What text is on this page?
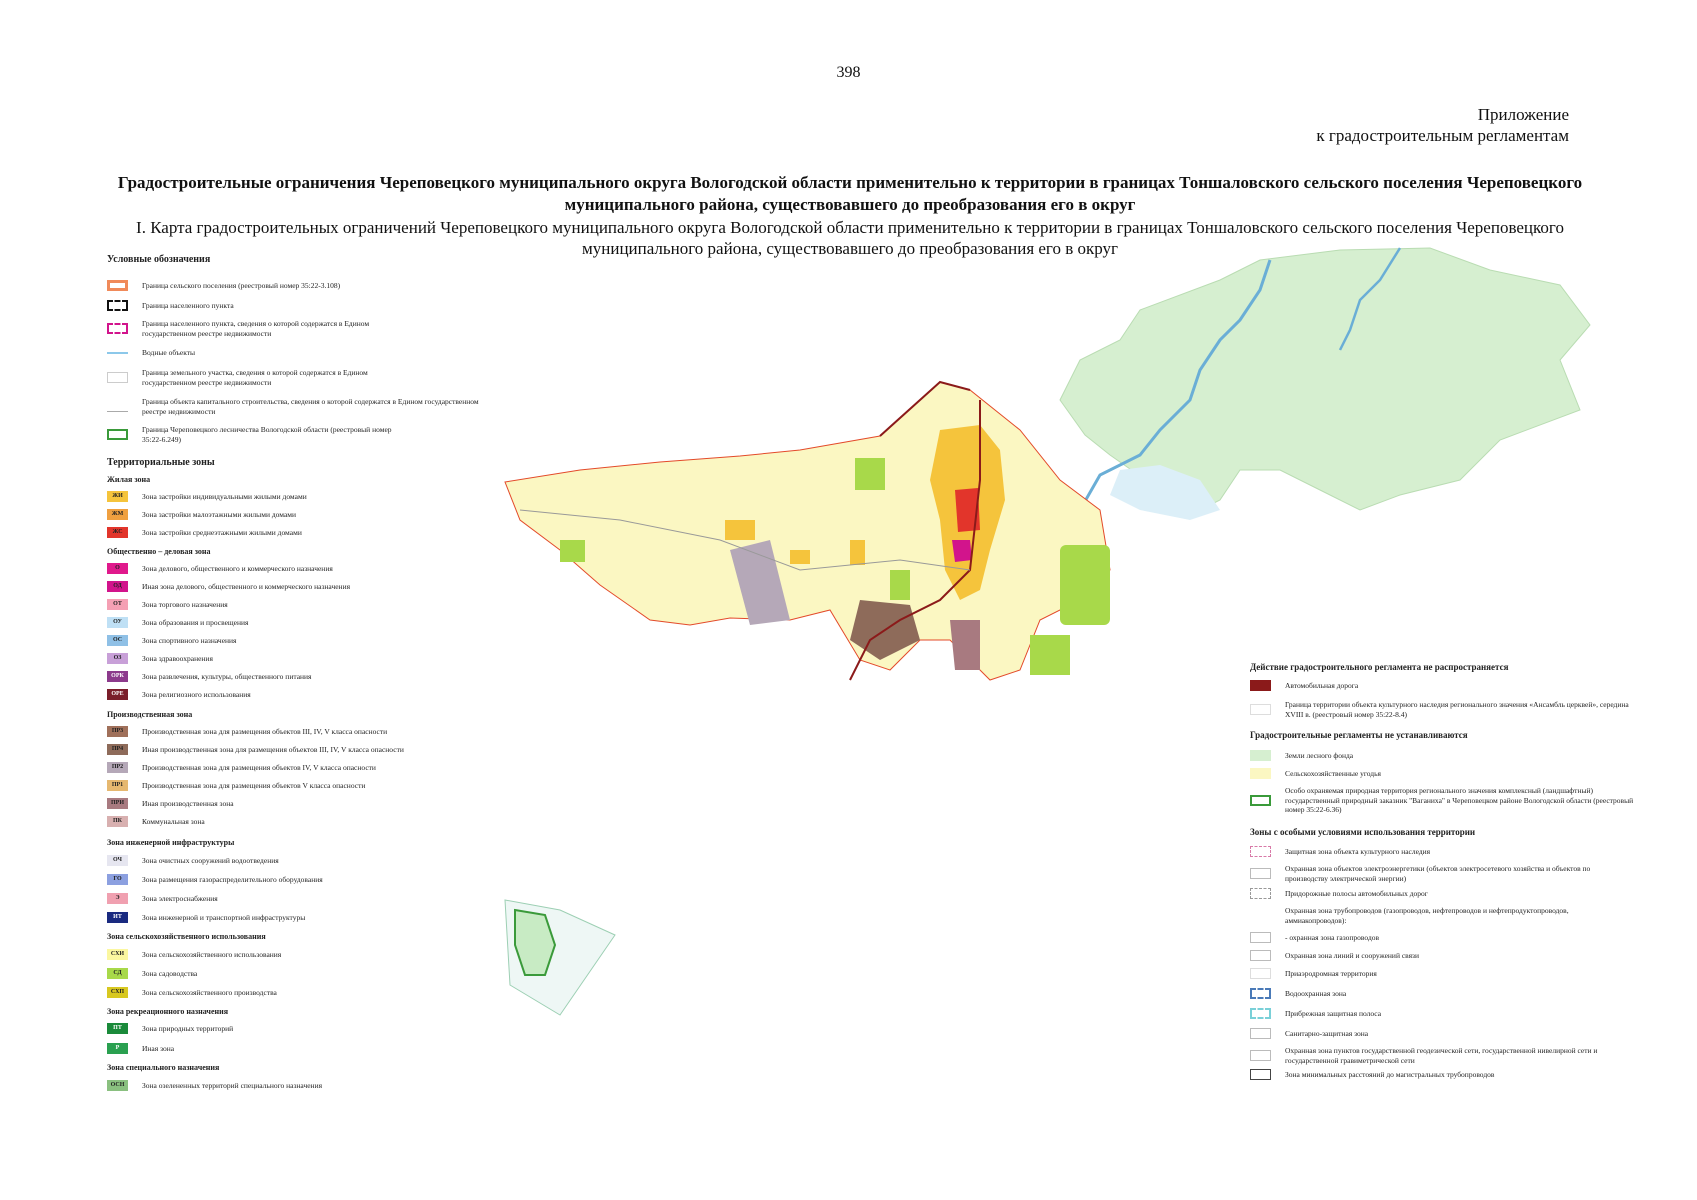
398
Приложение
к градостроительным регламентам
Градостроительные ограничения Череповецкого муниципального округа Вологодской области применительно к территории в границах Тоншаловского сельского поселения Череповецкого муниципального района, существовавшего до преобразования его в округ
I. Карта градостроительных ограничений Череповецкого муниципального округа Вологодской области применительно к территории в границах Тоншаловского сельского поселения Череповецкого муниципального района, существовавшего до преобразования его в округ
Условные обозначения
Граница сельского поселения (реестровый номер 35:22-3.108)
Граница населенного пункта
Граница населенного пункта, сведения о которой содержатся в Едином государственном реестре недвижимости
Водные объекты
Граница земельного участка, сведения о которой содержатся в Едином государственном реестре недвижимости
Граница объекта капитального строительства, сведения о которой содержатся в Едином государственном реестре недвижимости
Граница Череповецкого лесничества Вологодской области (реестровый номер 35:22-6.249)
Территориальные зоны
Жилая зона
ЖИ	Зона застройки индивидуальными жилыми домами
ЖМ	Зона застройки малоэтажными жилыми домами
ЖС	Зона застройки среднеэтажными жилыми домами
Общественно – деловая зона
О	Зона делового, общественного и коммерческого назначения
ОД	Иная зона делового, общественного и коммерческого назначения
ОТ	Зона торгового назначения
ОУ	Зона образования и просвещения
ОС	Зона спортивного назначения
ОЗ	Зона здравоохранения
ОРК	Зона развлечения, культуры, общественного питания
ОРЕ	Зона религиозного использования
Производственная зона
ПР3	Производственная зона для размещения объектов III, IV, V класса опасности
ПР4	Иная производственная зона для размещения объектов III, IV, V класса опасности
ПР2	Производственная зона для размещения объектов IV, V класса опасности
ПР1	Производственная зона для размещения объектов V класса опасности
ПРИ	Иная производственная зона
ПК	Коммунальная зона
Зона инженерной инфраструктуры
ОЧ	Зона очистных сооружений водоотведения
ГО	Зона размещения газораспределительного оборудования
Э	Зона электроснабжения
ИТ	Зона инженерной и транспортной инфраструктуры
Зона сельскохозяйственного использования
СХИ	Зона сельскохозяйственного использования
СД	Зона садоводства
СХП	Зона сельскохозяйственного производства
Зона рекреационного назначения
ПТ	Зона природных территорий
Р	Иная зона
Зона специального назначения
ОСН	Зона озелененных территорий специального назначения
Действие градостроительного регламента не распространяется
Автомобильная дорога
Граница территории объекта культурного наследия регионального значения «Ансамбль церквей», середина XVIII в. (реестровый номер 35:22-8.4)
Градостроительные регламенты не устанавливаются
Земли лесного фонда
Сельскохозяйственные угодья
Особо охраняемая природная территория регионального значения комплексный (ландшафтный) государственный природный заказник "Ваганиха" в Череповецком районе Вологодской области (реестровый номер 35:22-6.36)
Зоны с особыми условиями использования территории
Защитная зона объекта культурного наследия
Охранная зона объектов электроэнергетики (объектов электросетевого хозяйства и объектов по производству электрической энергии)
Придорожные полосы автомобильных дорог
Охранная зона трубопроводов (газопроводов, нефтепроводов и нефтепродуктопроводов, аммиакопроводов):
- охранная зона газопроводов
Охранная зона линий и сооружений связи
Приаэродромная территория
Водоохранная зона
Прибрежная защитная полоса
Санитарно-защитная зона
Охранная зона пунктов государственной геодезической сети, государственной нивелирной сети и государственной гравиметрической сети
Зона минимальных расстояний до магистральных трубопроводов
